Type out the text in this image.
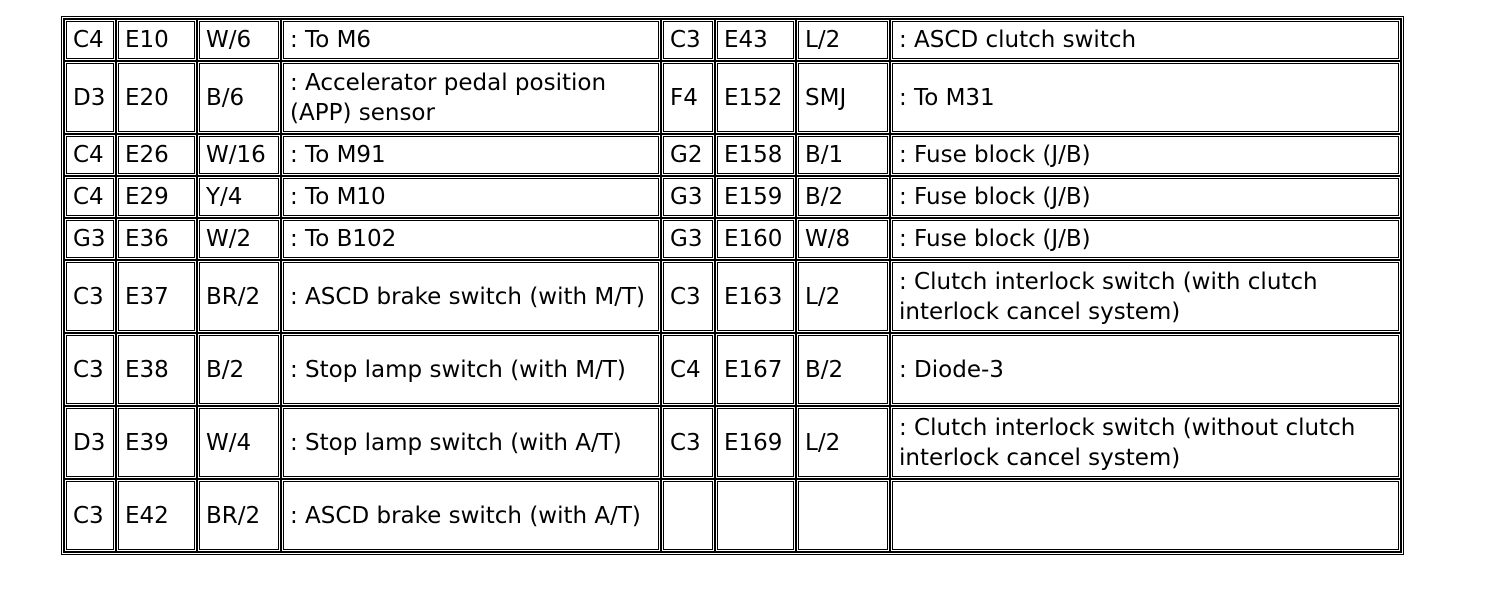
C4	E10	W/6	: To M6	C3	E43	L/2	: ASCD clutch switch
D3	E20	B/6	: Accelerator pedal position (APP) sensor	F4	E152	SMJ	: To M31
C4	E26	W/16	: To M91	G2	E158	B/1	: Fuse block (J/B)
C4	E29	Y/4	: To M10	G3	E159	B/2	: Fuse block (J/B)
G3	E36	W/2	: To B102	G3	E160	W/8	: Fuse block (J/B)
C3	E37	BR/2	: ASCD brake switch (with M/T)	C3	E163	L/2	: Clutch interlock switch (with clutch interlock cancel system)
C3	E38	B/2	: Stop lamp switch (with M/T)	C4	E167	B/2	: Diode-3
D3	E39	W/4	: Stop lamp switch (with A/T)	C3	E169	L/2	: Clutch interlock switch (without clutch interlock cancel system)
C3	E42	BR/2	: ASCD brake switch (with A/T)				
